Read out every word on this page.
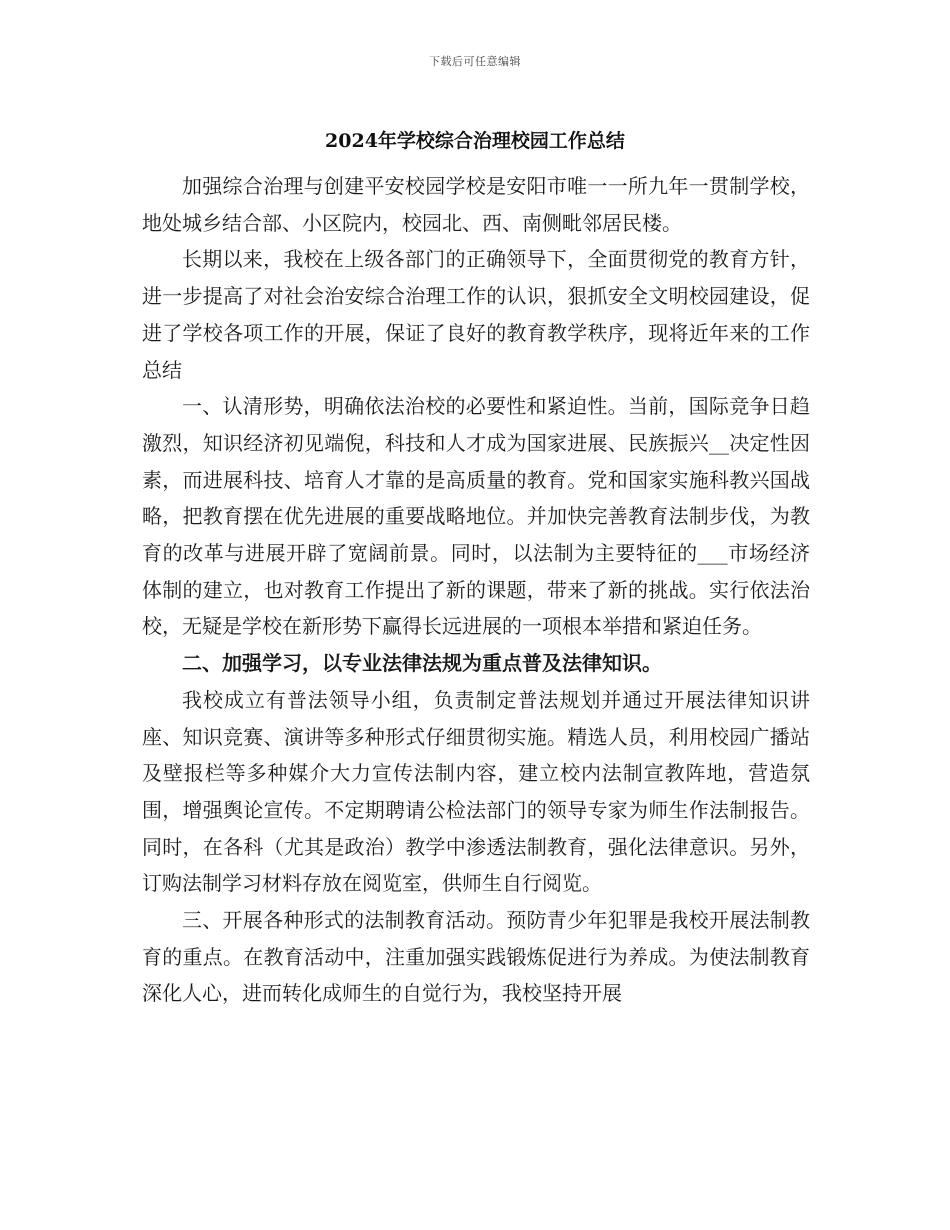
下载后可任意编辑
2024年学校综合治理校园工作总结

加强综合治理与创建平安校园学校是安阳市唯一一所九年一贯制学校，地处城乡结合部、小区院内，校园北、西、南侧毗邻居民楼。

长期以来，我校在上级各部门的正确领导下，全面贯彻党的教育方针，进一步提高了对社会治安综合治理工作的认识，狠抓安全文明校园建设，促进了学校各项工作的开展，保证了良好的教育教学秩序，现将近年来的工作总结

一、认清形势，明确依法治校的必要性和紧迫性。当前，国际竞争日趋激烈，知识经济初见端倪，科技和人才成为国家进展、民族振兴__决定性因素，而进展科技、培育人才靠的是高质量的教育。党和国家实施科教兴国战略，把教育摆在优先进展的重要战略地位。并加快完善教育法制步伐，为教育的改革与进展开辟了宽阔前景。同时，以法制为主要特征的___市场经济体制的建立，也对教育工作提出了新的课题，带来了新的挑战。实行依法治校，无疑是学校在新形势下赢得长远进展的一项根本举措和紧迫任务。

二、加强学习，以专业法律法规为重点普及法律知识。

我校成立有普法领导小组，负责制定普法规划并通过开展法律知识讲座、知识竞赛、演讲等多种形式仔细贯彻实施。精选人员，利用校园广播站及壁报栏等多种媒介大力宣传法制内容，建立校内法制宣教阵地，营造氛围，增强舆论宣传。不定期聘请公检法部门的领导专家为师生作法制报告。同时，在各科（尤其是政治）教学中渗透法制教育，强化法律意识。另外，订购法制学习材料存放在阅览室，供师生自行阅览。

三、开展各种形式的法制教育活动。预防青少年犯罪是我校开展法制教育的重点。在教育活动中，注重加强实践锻炼促进行为养成。为使法制教育深化人心，进而转化成师生的自觉行为，我校坚持开展
